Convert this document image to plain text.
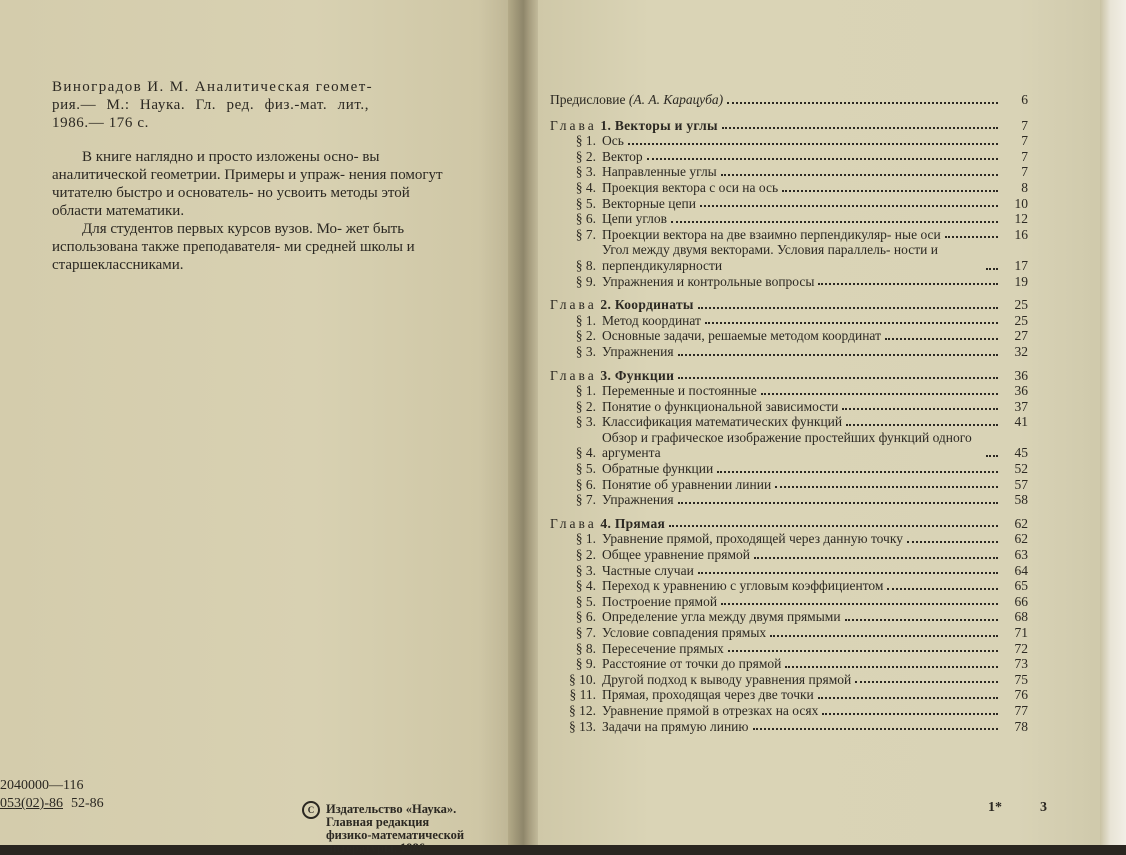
Виноградов И. М. Аналитическая геомет-

рия.— М.: Наука. Гл. ред. физ.-мат. лит.,

1986.— 176 с.

В книге наглядно и просто изложены осно- вы аналитической геометрии. Примеры и упраж- нения помогут читателю быстро и основатель- но усвоить методы этой области математики.

Для студентов первых курсов вузов. Мо- жет быть использована также преподавателя- ми средней школы и старшеклассниками.

2040000—116
053(02)-86 52-86	C Издательство «Наука».
Главная редакция
физико-математической
литературы, 1986
Предисловие (А. А. Карацуба)	6
Глава 1. Векторы и углы	7
§ 1. Ось	7
§ 2. Вектор	7
§ 3. Направленные углы	7
§ 4. Проекция вектора с оси на ось	8
§ 5. Векторные цепи	10
§ 6. Цепи углов	12
§ 7. Проекции вектора на две взаимно перпендикуляр- ные оси	16
§ 8.
Угол между двумя векторами. Условия параллель- ности и перпендикулярности	17
§ 9. Упражнения и контрольные вопросы	19
Глава 2. Координаты	25
§ 1. Метод координат	25
§ 2. Основные задачи, решаемые методом координат	27
§ 3. Упражнения	32
Глава 3. Функции	36
§ 1. Переменные и постоянные	36
§ 2. Понятие о функциональной зависимости	37
§ 3. Классификация математических функций	41
§ 4.
Обзор и графическое изображение простейших функций одного аргумента	45
§ 5. Обратные функции	52
§ 6. Понятие об уравнении линии	57
§ 7. Упражнения	58
Глава 4. Прямая	62
§ 1. Уравнение прямой, проходящей через данную точку	62
§ 2. Общее уравнение прямой	63
§ 3. Частные случаи	64
§ 4. Переход к уравнению с угловым коэффициентом	65
§ 5. Построение прямой	66
§ 6. Определение угла между двумя прямыми	68
§ 7. Условие совпадения прямых	71
§ 8. Пересечение прямых	72
§ 9. Расстояние от точки до прямой	73
§ 10. Другой подход к выводу уравнения прямой	75
§ 11. Прямая, проходящая через две точки	76
§ 12. Уравнение прямой в отрезках на осях	77
§ 13. Задачи на прямую линию	78
1*	3
